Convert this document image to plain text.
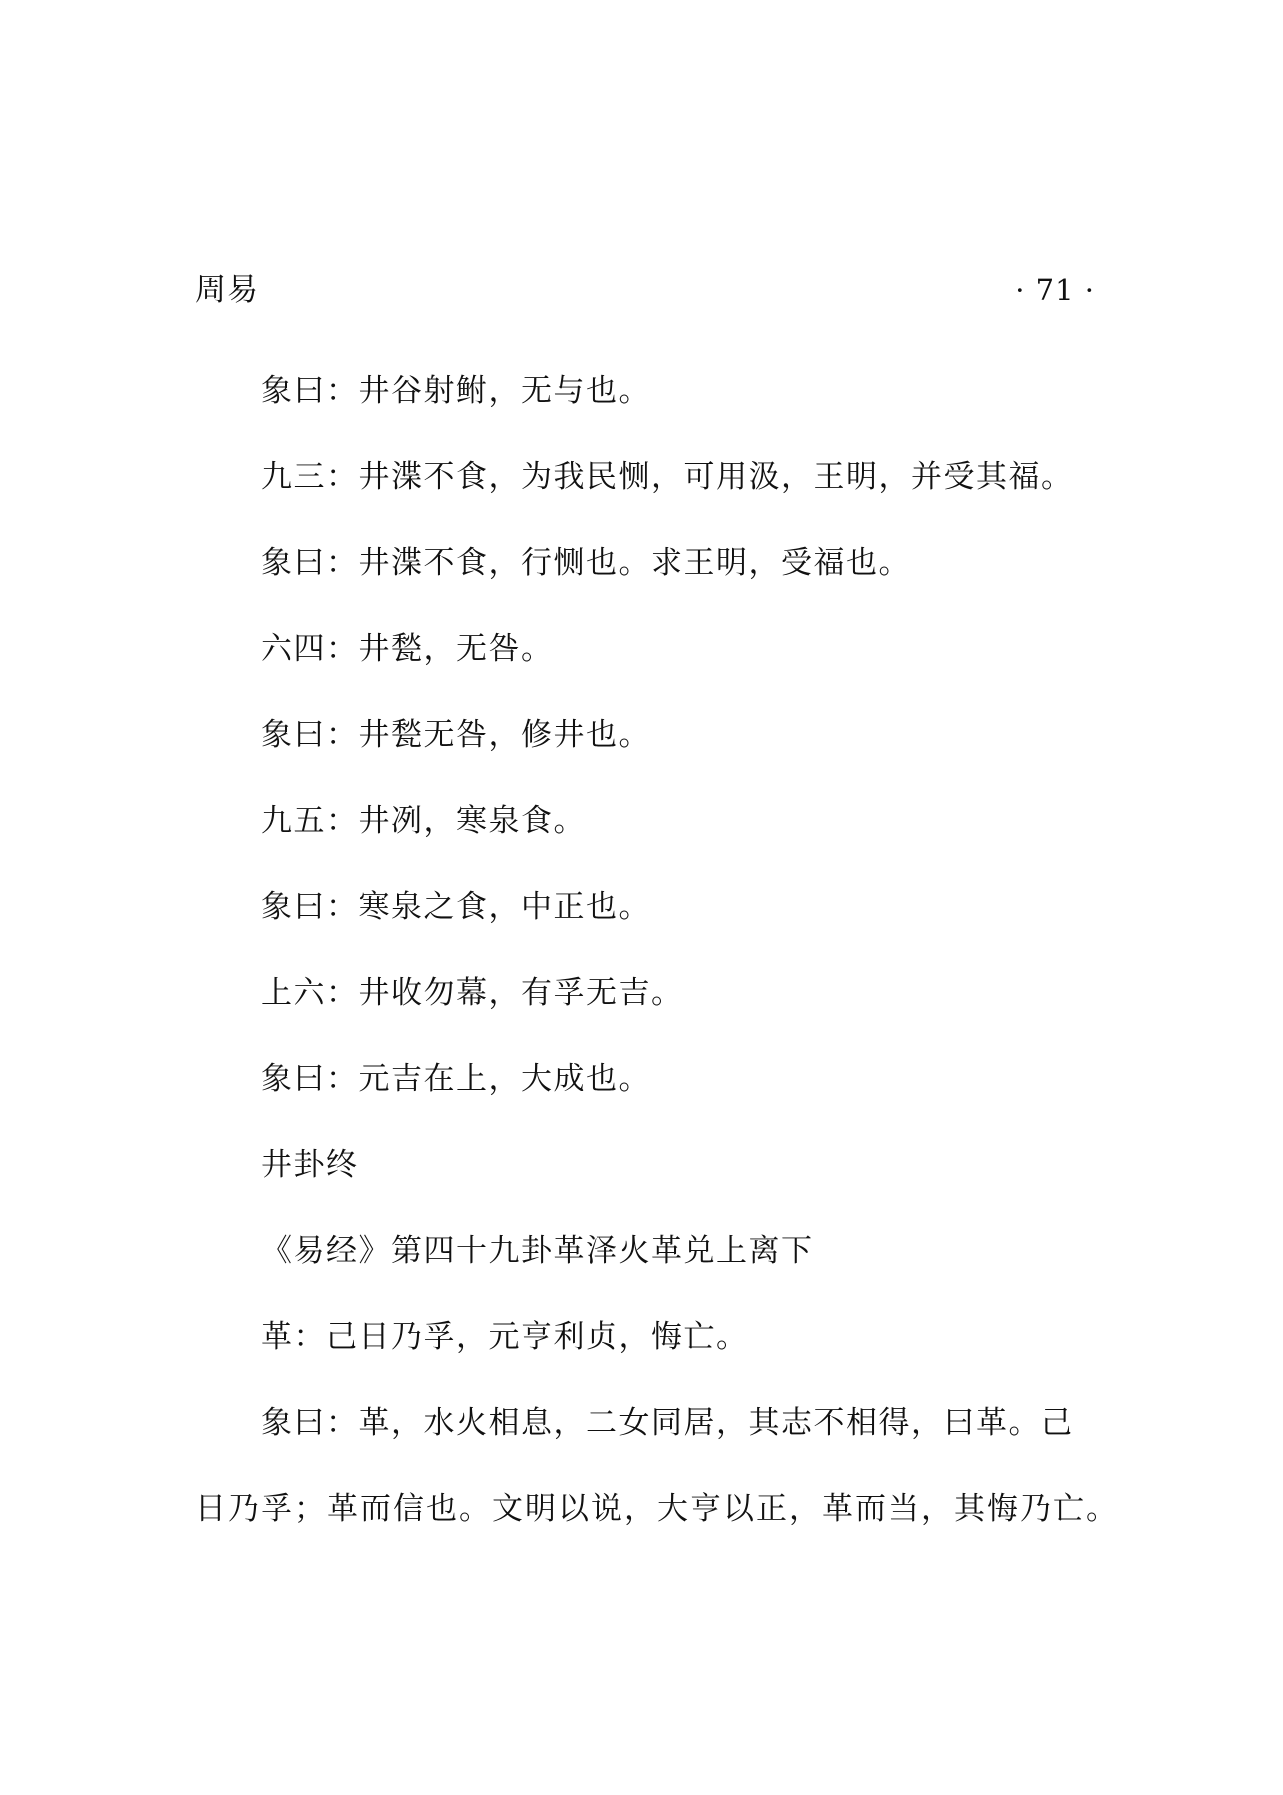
周易	· 71 ·

象曰：井谷射鲋，无与也。

九三：井渫不食，为我民恻，可用汲，王明，并受其福。

象曰：井渫不食，行恻也。求王明，受福也。

六四：井甃，无咎。

象曰：井甃无咎，修井也。

九五：井冽，寒泉食。

象曰：寒泉之食，中正也。

上六：井收勿幕，有孚无吉。

象曰：元吉在上，大成也。

井卦终

《易经》第四十九卦革泽火革兑上离下

革：己日乃孚，元亨利贞，悔亡。

象曰：革，水火相息，二女同居，其志不相得，曰革。己

日乃孚；革而信也。文明以说，大亨以正，革而当，其悔乃亡。
